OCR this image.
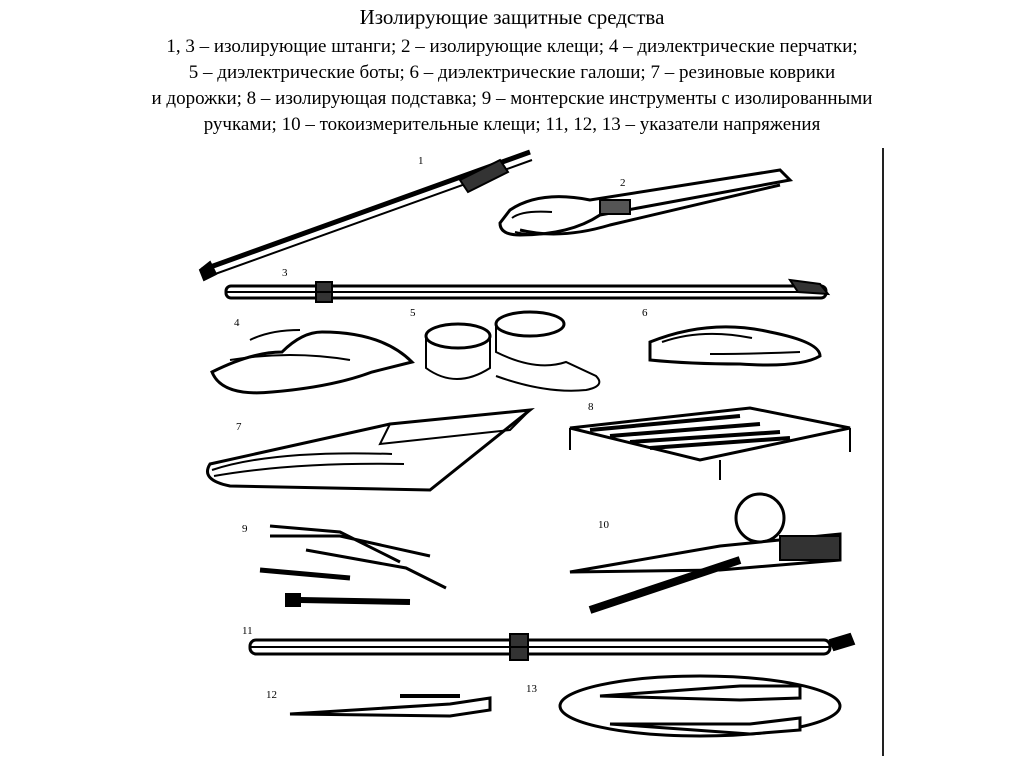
Изолирующие защитные средства
1, 3 – изолирующие штанги; 2 – изолирующие клещи; 4 – диэлектрические перчатки;
5 – диэлектрические боты; 6 – диэлектрические галоши; 7 – резиновые коврики
и дорожки; 8 – изолирующая подставка; 9 – монтерские инструменты с изолированными
ручками; 10 – токоизмерительные клещи; 11, 12, 13 – указатели напряжения
1
2
3
4
5	6
7
8
9	10
11
12	13
